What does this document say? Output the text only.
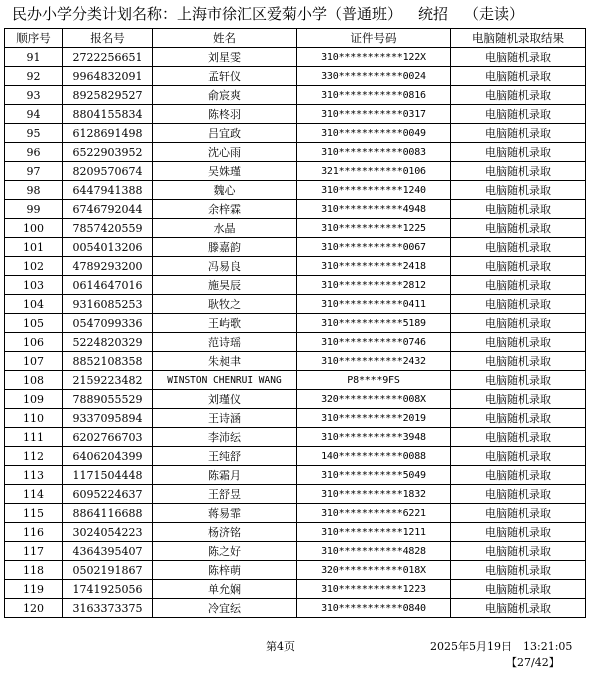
民办小学分类计划名称：上海市徐汇区爱菊小学（普通班） 统招 （走读）
顺序号	报名号	姓名	证件号码	电脑随机录取结果
91	2722256651	刘星雯	310***********122X	电脑随机录取
92	9964832091	孟轩仪	330***********0024	电脑随机录取
93	8925829527	俞宸爽	310***********0816	电脑随机录取
94	8804155834	陈柊羽	310***********0317	电脑随机录取
95	6128691498	吕宜政	310***********0049	电脑随机录取
96	6522903952	沈心雨	310***********0083	电脑随机录取
97	8209570674	吴姝瑾	321***********0106	电脑随机录取
98	6447941388	魏心	310***********1240	电脑随机录取
99	6746792044	余梓霖	310***********4948	电脑随机录取
100	7857420559	水晶	310***********1225	电脑随机录取
101	0054013206	滕嘉韵	310***********0067	电脑随机录取
102	4789293200	冯易良	310***********2418	电脑随机录取
103	0614647016	施昊辰	310***********2812	电脑随机录取
104	9316085253	耿牧之	310***********0411	电脑随机录取
105	0547099336	王屿歌	310***********5189	电脑随机录取
106	5224820329	范诗瑶	310***********0746	电脑随机录取
107	8852108358	朱昶聿	310***********2432	电脑随机录取
108	2159223482	WINSTON CHENRUI WANG	P8****9FS	电脑随机录取
109	7889055529	刘瑾仪	320***********008X	电脑随机录取
110	9337095894	王诗涵	310***********2019	电脑随机录取
111	6202766703	李沛纭	310***********3948	电脑随机录取
112	6406204399	王纯舒	140***********0088	电脑随机录取
113	1171504448	陈霜月	310***********5049	电脑随机录取
114	6095224637	王舒昱	310***********1832	电脑随机录取
115	8864116688	蒋易霏	310***********6221	电脑随机录取
116	3024054223	杨济铭	310***********1211	电脑随机录取
117	4364395407	陈之好	310***********4828	电脑随机录取
118	0502191867	陈梓萌	320***********018X	电脑随机录取
119	1741925056	单允娴	310***********1223	电脑随机录取
120	3163373375	冷宜纭	310***********0840	电脑随机录取
第4页	2025年5月19日　13:21:05
【27/42】
